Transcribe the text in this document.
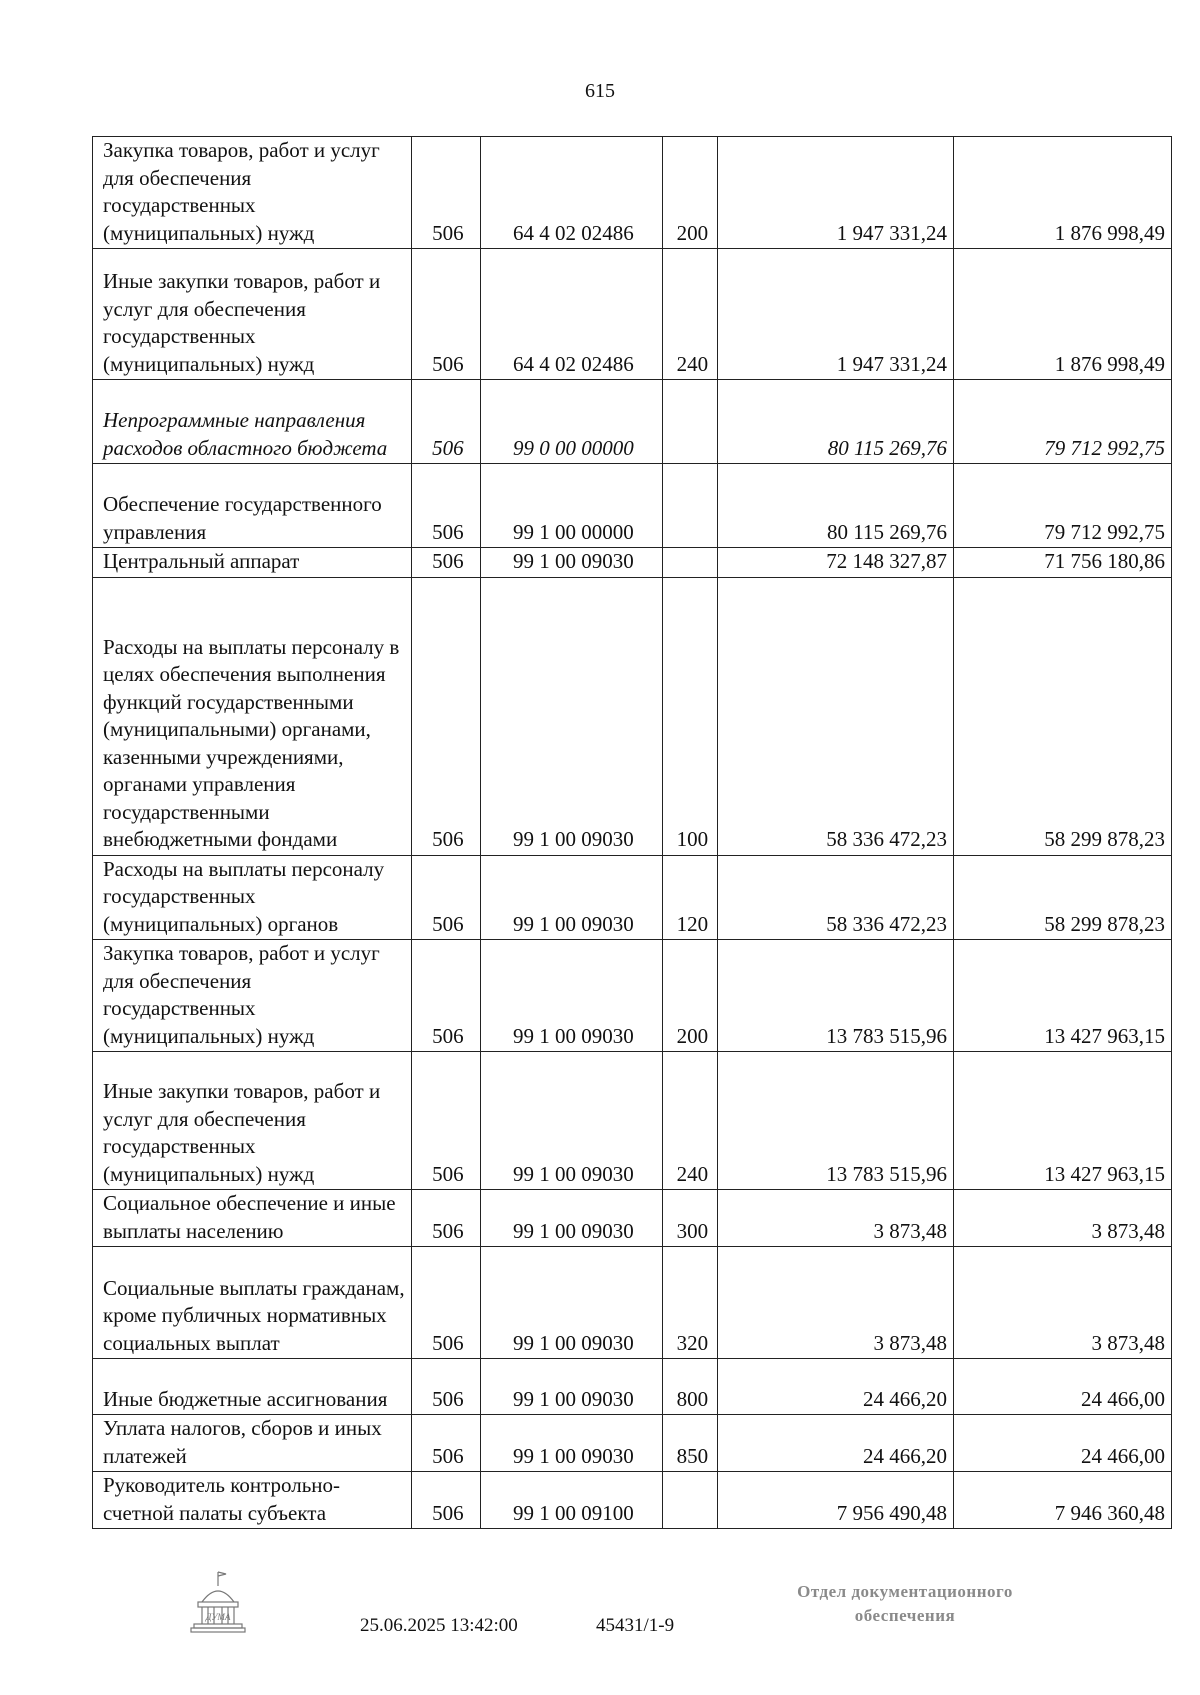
615
Закупка товаров, работ и услуг для обеспечения государственных (муниципальных) нужд	506	64 4 02 02486	200	1 947 331,24	1 876 998,49
Иные закупки товаров, работ и услуг для обеспечения государственных (муниципальных) нужд	506	64 4 02 02486	240	1 947 331,24	1 876 998,49
Непрограммные направления расходов областного бюджета	506	99 0 00 00000		80 115 269,76	79 712 992,75
Обеспечение государственного управления	506	99 1 00 00000		80 115 269,76	79 712 992,75
Центральный аппарат	506	99 1 00 09030		72 148 327,87	71 756 180,86
Расходы на выплаты персоналу в целях обеспечения выполнения функций государственными (муниципальными) органами, казенными учреждениями, органами управления государственными внебюджетными фондами	506	99 1 00 09030	100	58 336 472,23	58 299 878,23
Расходы на выплаты персоналу государственных (муниципальных) органов	506	99 1 00 09030	120	58 336 472,23	58 299 878,23
Закупка товаров, работ и услуг для обеспечения государственных (муниципальных) нужд	506	99 1 00 09030	200	13 783 515,96	13 427 963,15
Иные закупки товаров, работ и услуг для обеспечения государственных (муниципальных) нужд	506	99 1 00 09030	240	13 783 515,96	13 427 963,15
Социальное обеспечение и иные выплаты населению	506	99 1 00 09030	300	3 873,48	3 873,48
Социальные выплаты гражданам, кроме публичных нормативных социальных выплат	506	99 1 00 09030	320	3 873,48	3 873,48
Иные бюджетные ассигнования	506	99 1 00 09030	800	24 466,20	24 466,00
Уплата налогов, сборов и иных платежей	506	99 1 00 09030	850	24 466,20	24 466,00
Руководитель контрольно-счетной палаты субъекта	506	99 1 00 09100		7 956 490,48	7 946 360,48
ДУМА	25.06.2025 13:42:00	45431/1-9
Отдел документационного
обеспечения
